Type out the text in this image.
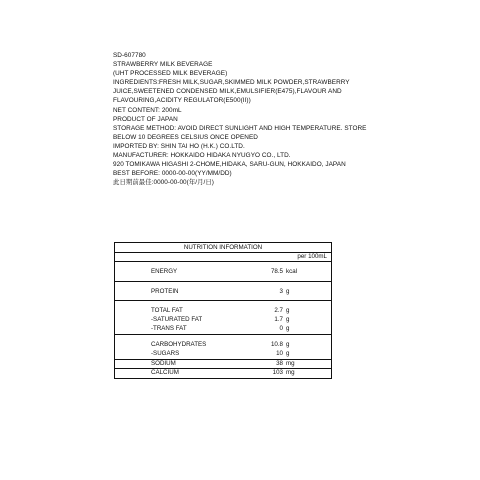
SD-607780
STRAWBERRY MILK BEVERAGE
(UHT PROCESSED MILK BEVERAGE)
INGREDIENTS:FRESH MILK,SUGAR,SKIMMED MILK POWDER,STRAWBERRY
JUICE,SWEETENED CONDENSED MILK,EMULSIFIER(E475),FLAVOUR AND
FLAVOURING,ACIDITY REGULATOR(E500(II))
NET CONTENT: 200mL
PRODUCT OF JAPAN
STORAGE METHOD: AVOID DIRECT SUNLIGHT AND HIGH TEMPERATURE. STORE
BELOW 10 DEGREES CELSIUS ONCE OPENED
IMPORTED BY: SHIN TAI HO (H.K.) CO.LTD.
MANUFACTURER: HOKKAIDO HIDAKA NYUGYO CO., LTD.
920 TOMIKAWA HIGASHI 2-CHOME,HIDAKA, SARU-GUN, HOKKAIDO, JAPAN
BEST BEFORE: 0000-00-00(YY/MM/DD)
此日期前最佳:0000-00-00(年/月/日)
NUTRITION INFORMATION
per 100mL
ENERGY	78.5 kcal
PROTEIN	3 g
TOTAL FAT	2.7 g
-SATURATED FAT	1.7 g
-TRANS FAT	0 g
CARBOHYDRATES	10.8 g
-SUGARS	10 g
SODIUM	38 mg
CALCIUM	103 mg
